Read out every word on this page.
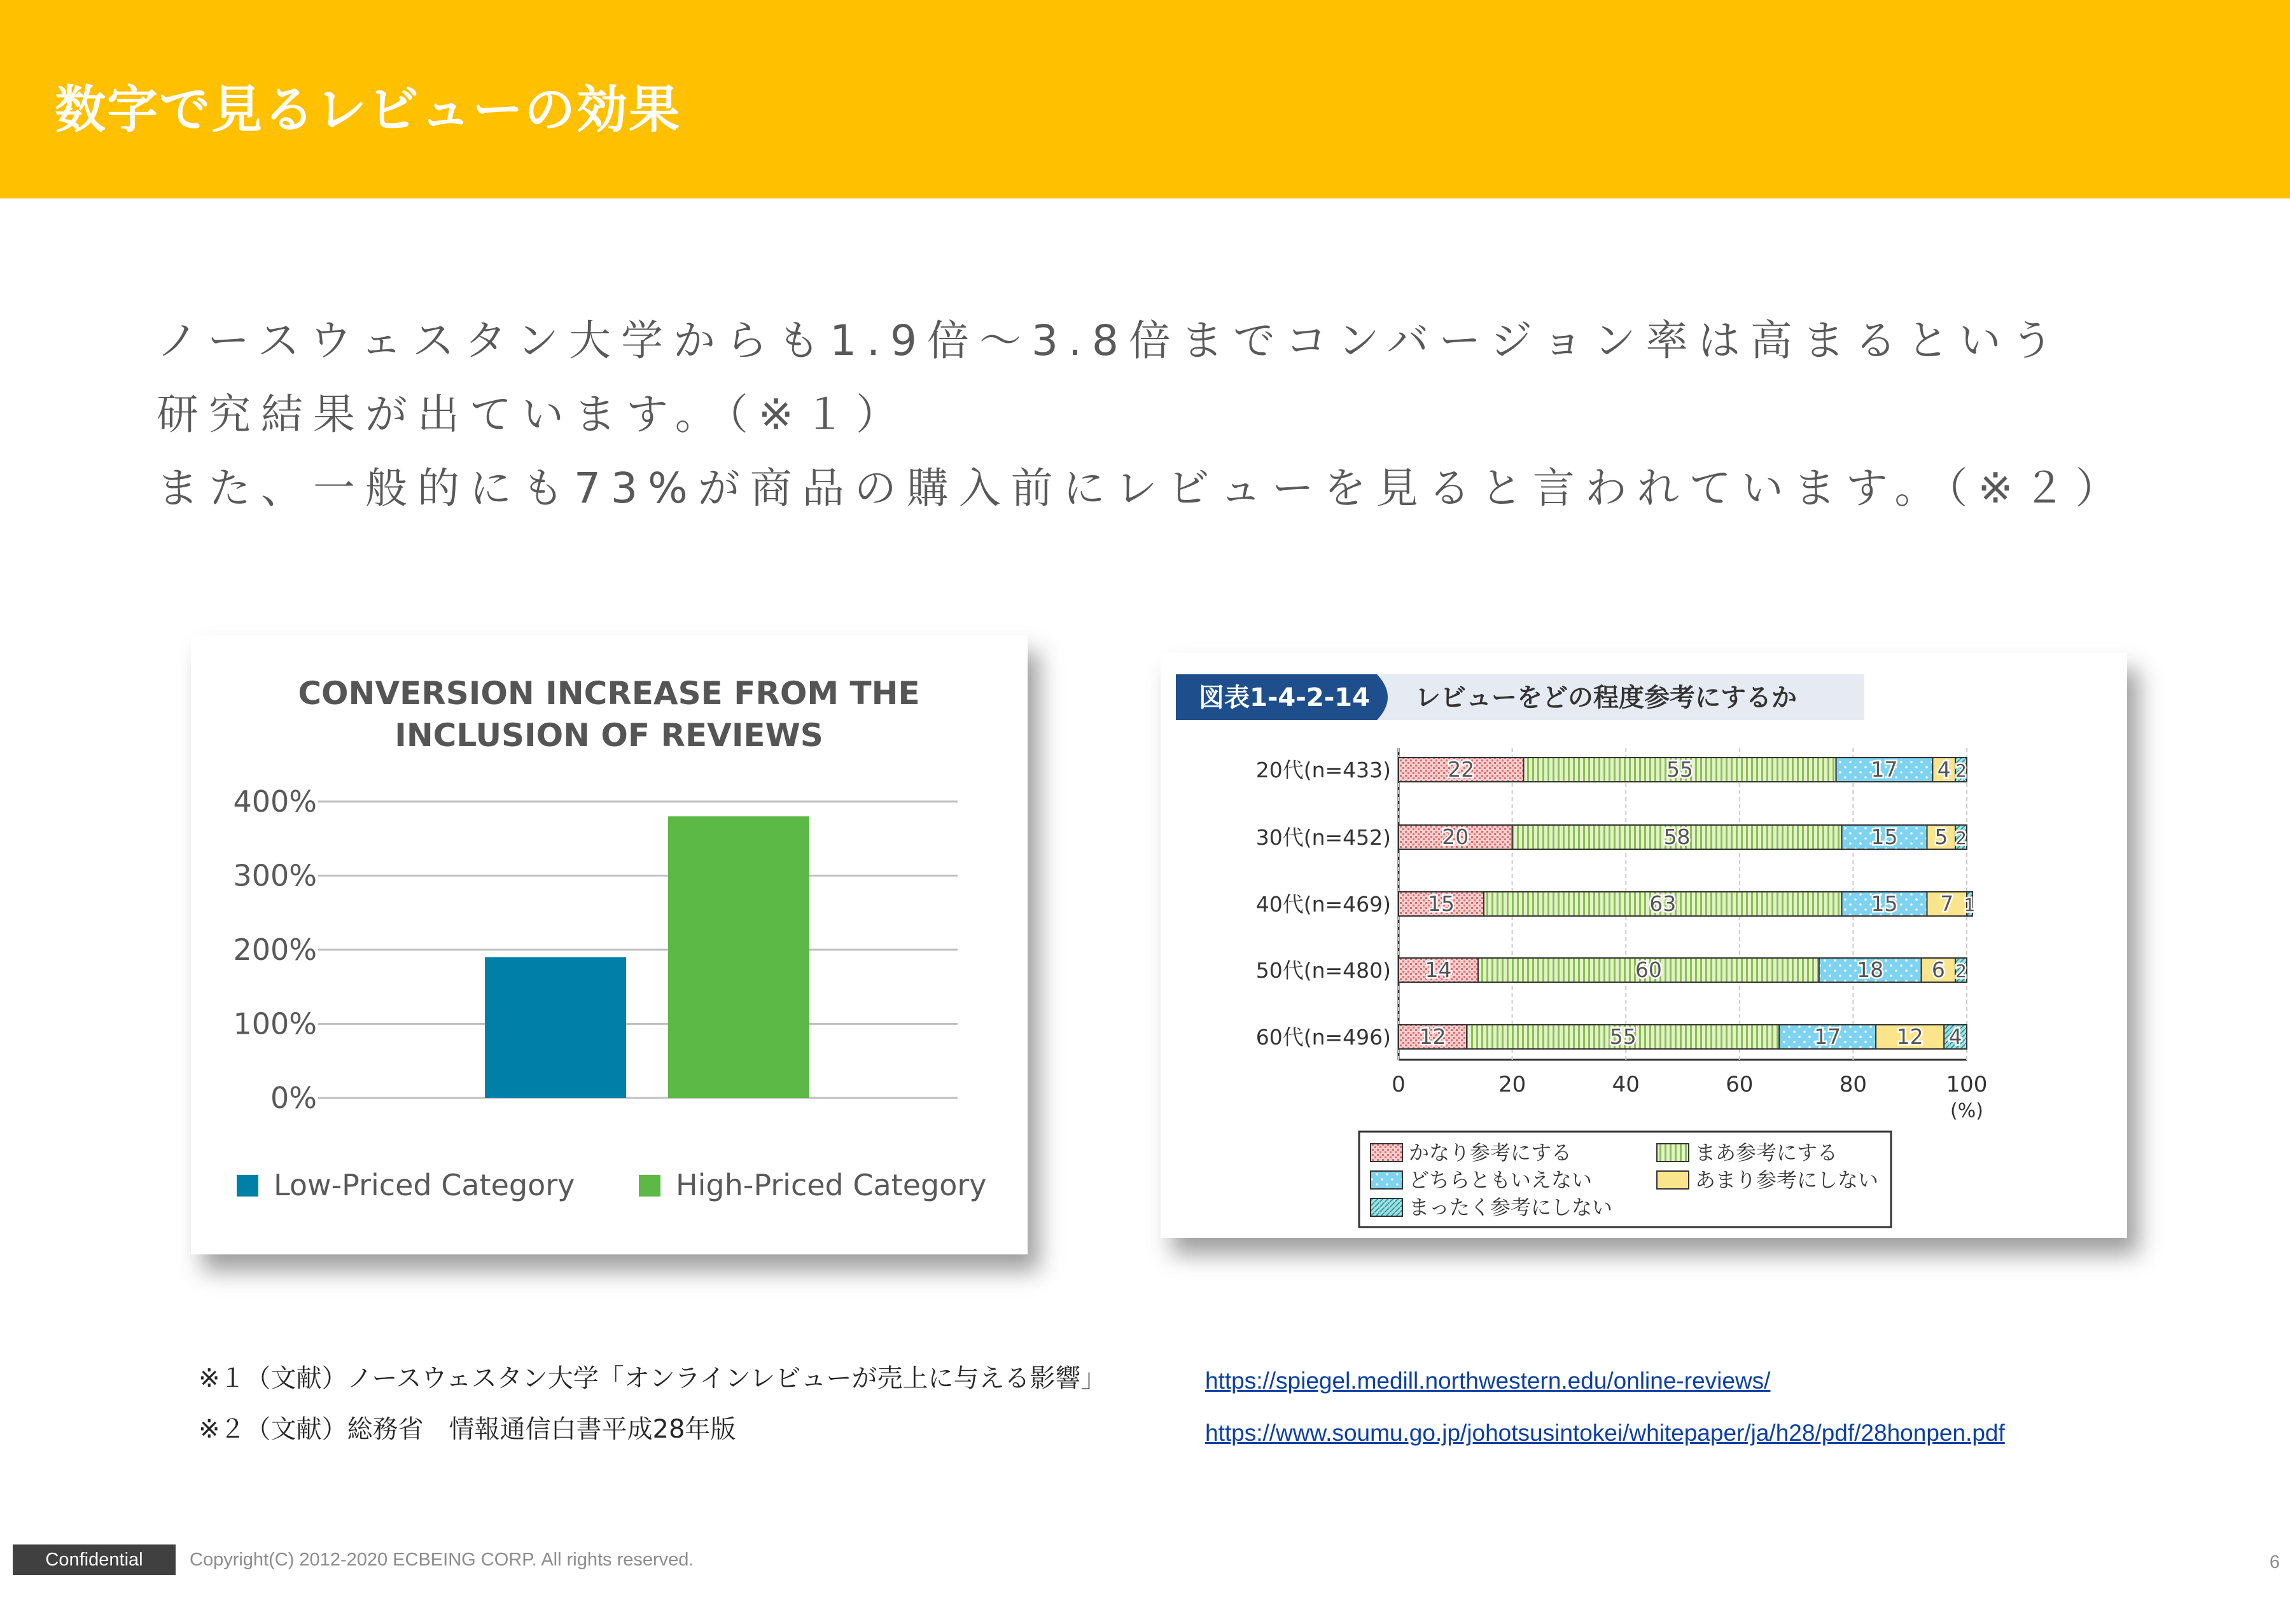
数字で見るレビューの効果
ノースウェスタン大学からも1.9倍～3.8倍までコンバージョン率は高まるという
研究結果が出ています。（※１）
また、一般的にも73%が商品の購入前にレビューを見ると言われています。（※２）
CONVERSION INCREASE FROM THE
INCLUSION OF REVIEWS
0%
100%
200%
300%
400%
Low-Priced Category	High-Priced Category
図表1-4-2-14 レビューをどの程度参考にするか
0	20	40	60	80	100
(%)
20代(n=433)	22	55	17 4 2
30代(n=452) 20	58	15 5 2
40代(n=469) 15	63	15 7 1
50代(n=480) 14	60	18 6 2
60代(n=496) 12	55	17	12 4
かなり参考にする	まあ参考にする
どちらともいえない	あまり参考にしない
まったく参考にしない
※１（文献）ノースウェスタン大学「オンラインレビューが売上に与える影響」
※２（文献）総務省　情報通信白書平成28年版
https://spiegel.medill.northwestern.edu/online-reviews/
https://www.soumu.go.jp/johotsusintokei/whitepaper/ja/h28/pdf/28honpen.pdf
Confidential	Copyright(C) 2012-2020 ECBEING CORP. All rights reserved.	6
